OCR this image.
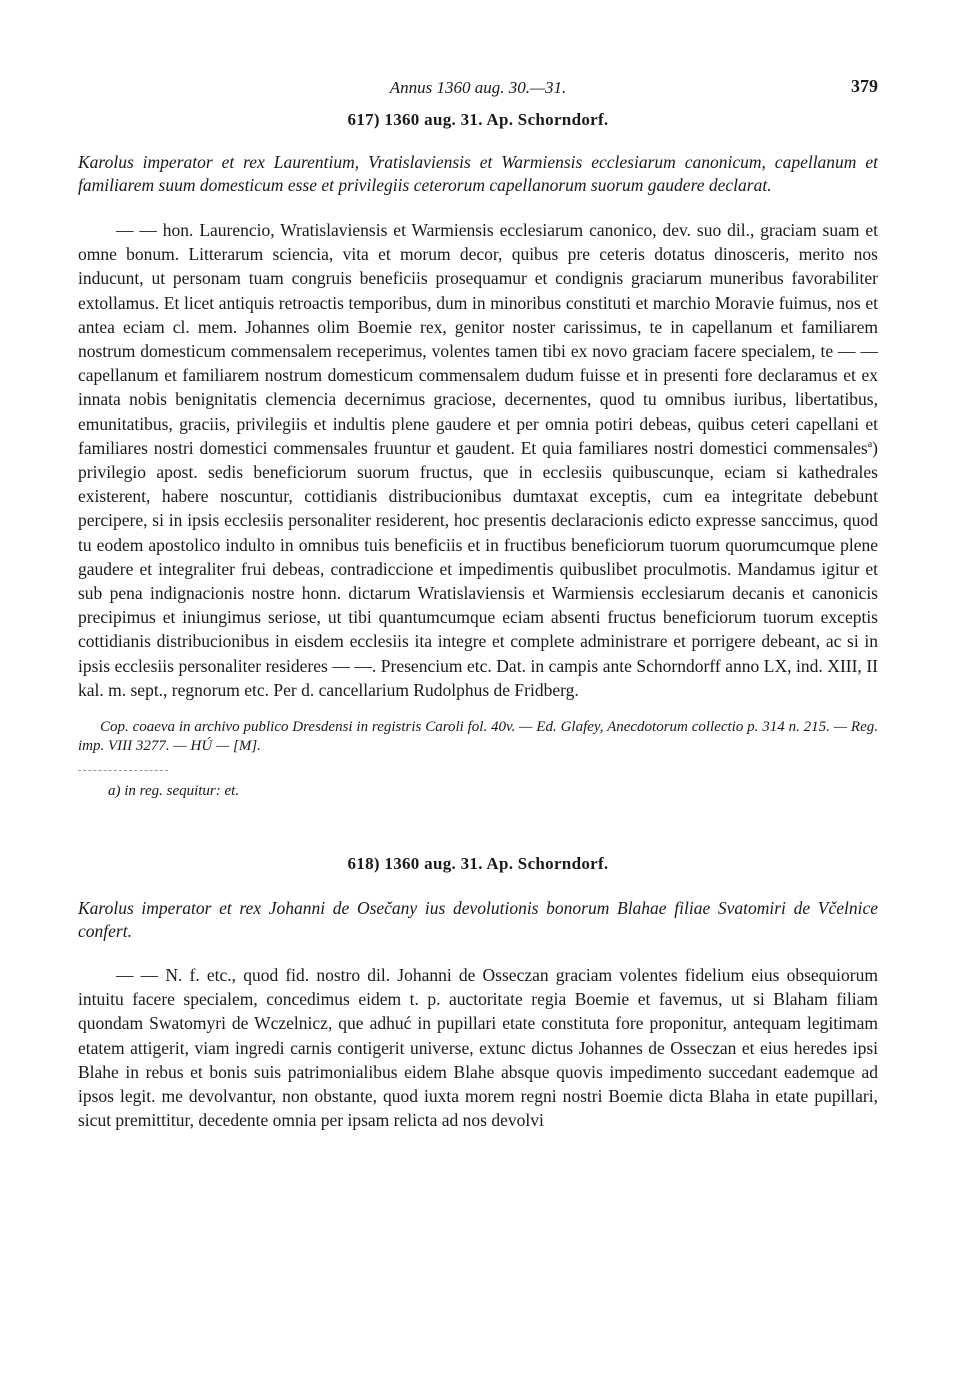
Annus 1360 aug. 30.—31.	379
617) 1360 aug. 31. Ap. Schorndorf.

Karolus imperator et rex Laurentium, Vratislaviensis et Warmiensis ecclesiarum canonicum, capellanum et familiarem suum domesticum esse et privilegiis ceterorum capellanorum suorum gaudere declarat.

— — hon. Laurencio, Wratislaviensis et Warmiensis ecclesiarum canonico, dev. suo dil., graciam suam et omne bonum. Litterarum sciencia, vita et morum decor, quibus pre ceteris dotatus dinosceris, merito nos inducunt, ut personam tuam congruis beneficiis prosequamur et condignis graciarum muneribus favorabiliter extollamus. Et licet antiquis retroactis temporibus, dum in minoribus constituti et marchio Moravie fuimus, nos et antea eciam cl. mem. Johannes olim Boemie rex, genitor noster carissimus, te in capellanum et familiarem nostrum domesticum commensalem receperimus, volentes tamen tibi ex novo graciam facere specialem, te — — capellanum et familiarem nostrum domesticum commensalem dudum fuisse et in presenti fore declaramus et ex innata nobis benignitatis clemencia decernimus graciose, decernentes, quod tu omnibus iuribus, libertatibus, emunitatibus, graciis, privilegiis et indultis plene gaudere et per omnia potiri debeas, quibus ceteri capellani et familiares nostri domestici commensales fruuntur et gaudent. Et quia familiares nostri domestici commensales$^a$) privilegio apost. sedis beneficiorum suorum fructus, que in ecclesiis quibuscunque, eciam si kathedrales existerent, habere noscuntur, cottidianis distribucionibus dumtaxat exceptis, cum ea integritate debebunt percipere, si in ipsis ecclesiis personaliter residerent, hoc presentis declaracionis edicto expresse sanccimus, quod tu eodem apostolico indulto in omnibus tuis beneficiis et in fructibus beneficiorum tuorum quorumcumque plene gaudere et integraliter frui debeas, contradiccione et impedimentis quibuslibet proculmotis. Mandamus igitur et sub pena indignacionis nostre honn. dictarum Wratislaviensis et Warmiensis ecclesiarum decanis et canonicis precipimus et iniungimus seriose, ut tibi quantumcumque eciam absenti fructus beneficiorum tuorum exceptis cottidianis distribucionibus in eisdem ecclesiis ita integre et complete administrare et porrigere debeant, ac si in ipsis ecclesiis personaliter resideres — —. Presencium etc. Dat. in campis ante Schorndorff anno LX, ind. XIII, II kal. m. sept., regnorum etc. Per d. cancellarium Rudolphus de Fridberg.

Cop. coaeva in archivo publico Dresdensi in registris Caroli fol. 40v. — Ed. Glafey, Anecdotorum collectio p. 314 n. 215. — Reg. imp. VIII 3277. — HÚ — [M].

a) in reg. sequitur: et.

618) 1360 aug. 31. Ap. Schorndorf.

Karolus imperator et rex Johanni de Osečany ius devolutionis bonorum Blahae filiae Svatomiri de Včelnice confert.

— — N. f. etc., quod fid. nostro dil. Johanni de Osseczan graciam volentes fidelium eius obsequiorum intuitu facere specialem, concedimus eidem t. p. auctoritate regia Boemie et favemus, ut si Blaham filiam quondam Swatomyri de Wczelnicz, que adhuć in pupillari etate constituta fore proponitur, antequam legitimam etatem attigerit, viam ingredi carnis contigerit universe, extunc dictus Johannes de Osseczan et eius heredes ipsi Blahe in rebus et bonis suis patrimonialibus eidem Blahe absque quovis impedimento succedant eademque ad ipsos legit. me devolvantur, non obstante, quod iuxta morem regni nostri Boemie dicta Blaha in etate pupillari, sicut premittitur, decedente omnia per ipsam relicta ad nos devolvi
